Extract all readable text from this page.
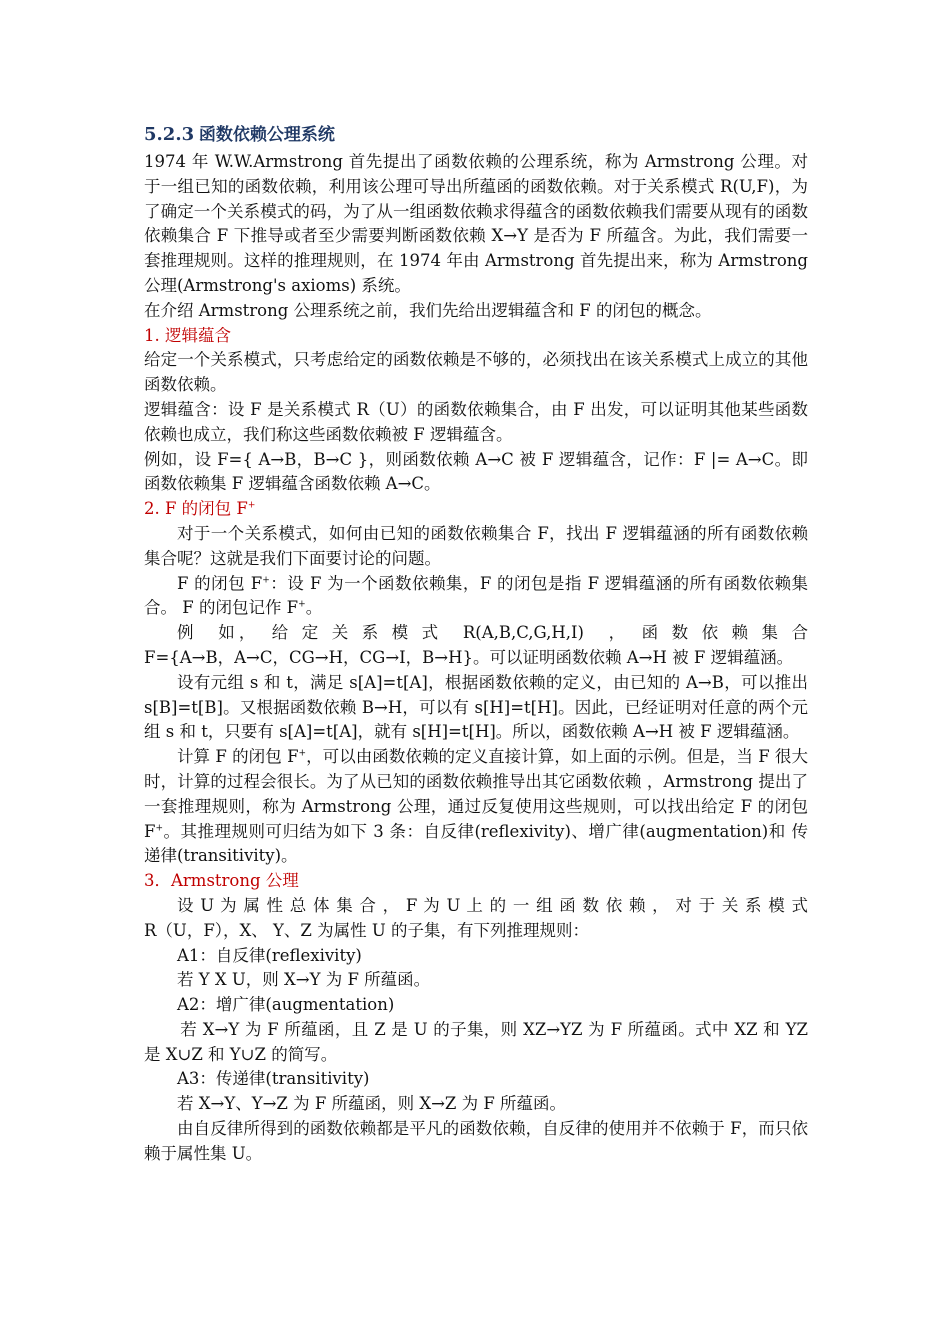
5.2.3 函数依赖公理系统

1974 年 W.W.Armstrong 首先提出了函数依赖的公理系统，称为 Armstrong 公理。对于一组已知的函数依赖，利用该公理可导出所蕴函的函数依赖。对于关系模式 R(U,F)，为了确定一个关系模式的码，为了从一组函数依赖求得蕴含的函数依赖我们需要从现有的函数依赖集合 F 下推导或者至少需要判断函数依赖 X→Y 是否为 F 所蕴含。为此，我们需要一套推理规则。这样的推理规则，在 1974 年由 Armstrong 首先提出来，称为 Armstrong 公理(Armstrong's axioms) 系统。

在介绍 Armstrong 公理系统之前，我们先给出逻辑蕴含和 F 的闭包的概念。

1. 逻辑蕴含

给定一个关系模式，只考虑给定的函数依赖是不够的，必须找出在该关系模式上成立的其他函数依赖。

逻辑蕴含：设 F 是关系模式 R（U）的函数依赖集合，由 F 出发，可以证明其他某些函数依赖也成立，我们称这些函数依赖被 F 逻辑蕴含。

例如，设 F={ A→B，B→C }，则函数依赖 A→C 被 F 逻辑蕴含，记作：F |= A→C。即函数依赖集 F 逻辑蕴含函数依赖 A→C。

2. F 的闭包 F+

对于一个关系模式，如何由已知的函数依赖集合 F，找出 F 逻辑蕴涵的所有函数依赖集合呢？这就是我们下面要讨论的问题。

F 的闭包 F+：设 F 为一个函数依赖集，F 的闭包是指 F 逻辑蕴涵的所有函数依赖集合。 F 的闭包记作 F+。

例　如，　给 定 关 系 模 式　R(A,B,C,G,H,I)　，　函 数 依 赖 集 合

F={A→B，A→C，CG→H，CG→I，B→H}。可以证明函数依赖 A→H 被 F 逻辑蕴涵。

设有元组 s 和 t，满足 s[A]=t[A]，根据函数依赖的定义，由已知的 A→B，可以推出 s[B]=t[B]。又根据函数依赖 B→H，可以有 s[H]=t[H]。因此，已经证明对任意的两个元组 s 和 t，只要有 s[A]=t[A]，就有 s[H]=t[H]。所以，函数依赖 A→H 被 F 逻辑蕴涵。

计算 F 的闭包 F+，可以由函数依赖的定义直接计算，如上面的示例。但是，当 F 很大时，计算的过程会很长。为了从已知的函数依赖推导出其它函数依赖 ，Armstrong 提出了一套推理规则，称为 Armstrong 公理，通过反复使用这些规则，可以找出给定 F 的闭包 F+。其推理规则可归结为如下 3 条：自反律(reflexivity)、增广律(augmentation)和 传递律(transitivity)。

3．Armstrong 公理

设 U 为 属 性 总 体 集 合 ， F 为 U 上 的 一 组 函 数 依 赖 ， 对 于 关 系 模 式

R（U，F），X、 Y、Z 为属性 U 的子集，有下列推理规则：

A1：自反律(reflexivity)

若 Y X U，则 X→Y 为 F 所蕴函。

A2：增广律(augmentation)

若 X→Y 为 F 所蕴函，且 Z 是 U 的子集，则 XZ→YZ 为 F 所蕴函。式中 XZ 和 YZ 是 X∪Z 和 Y∪Z 的简写。

A3：传递律(transitivity)

若 X→Y、Y→Z 为 F 所蕴函，则 X→Z 为 F 所蕴函。

由自反律所得到的函数依赖都是平凡的函数依赖，自反律的使用并不依赖于 F，而只依赖于属性集 U。
